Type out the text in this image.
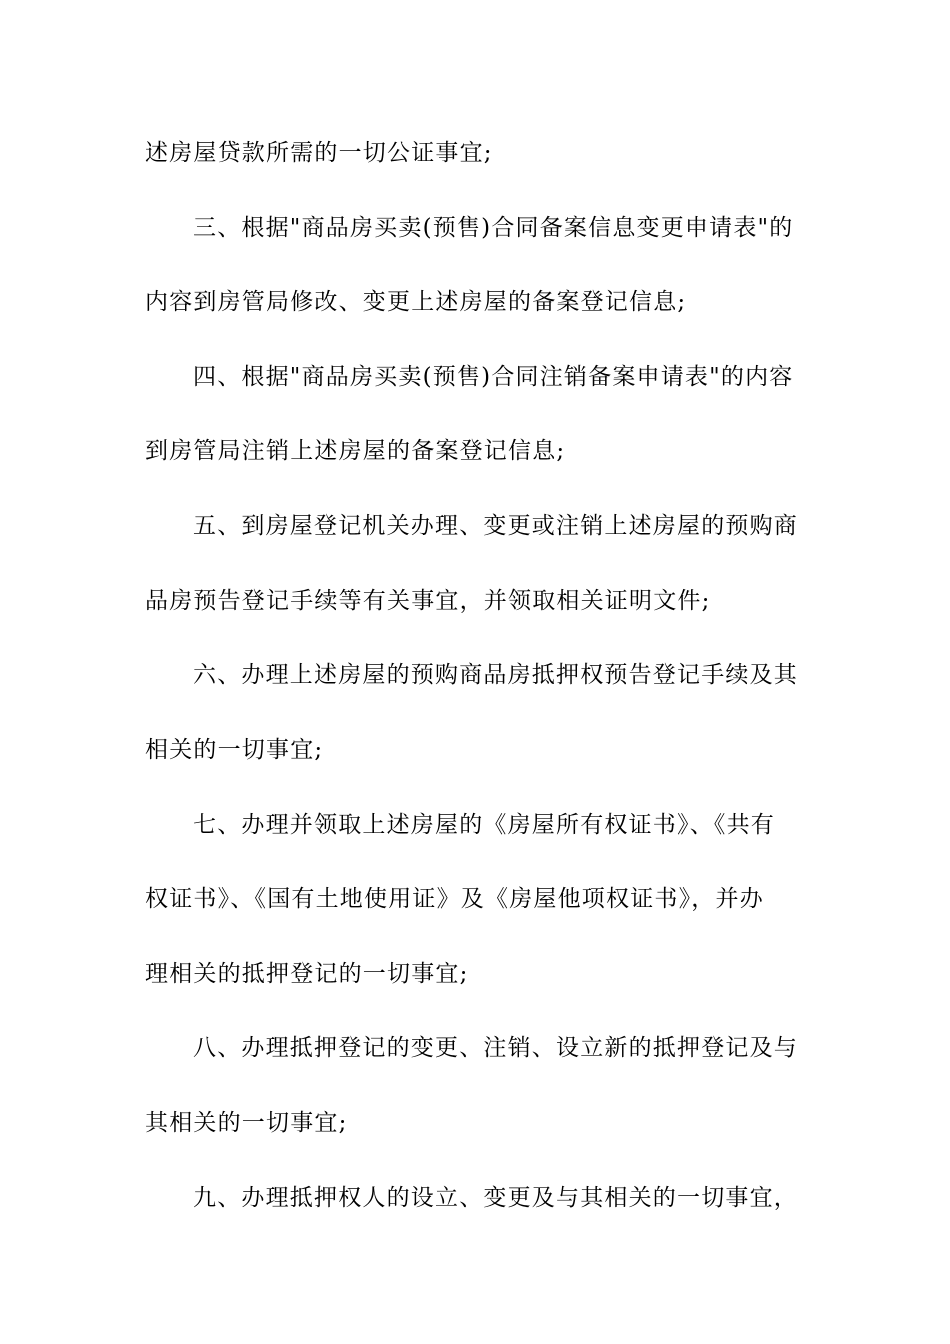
述房屋贷款所需的一切公证事宜;
三、根据"商品房买卖(预售)合同备案信息变更申请表"的
内容到房管局修改、变更上述房屋的备案登记信息;
四、根据"商品房买卖(预售)合同注销备案申请表"的内容
到房管局注销上述房屋的备案登记信息;
五、到房屋登记机关办理、变更或注销上述房屋的预购商
品房预告登记手续等有关事宜，并领取相关证明文件;
六、办理上述房屋的预购商品房抵押权预告登记手续及其
相关的一切事宜;
七、办理并领取上述房屋的《房屋所有权证书》、《共有
权证书》、《国有土地使用证》及《房屋他项权证书》，并办
理相关的抵押登记的一切事宜;
八、办理抵押登记的变更、注销、设立新的抵押登记及与
其相关的一切事宜;
九、办理抵押权人的设立、变更及与其相关的一切事宜，
